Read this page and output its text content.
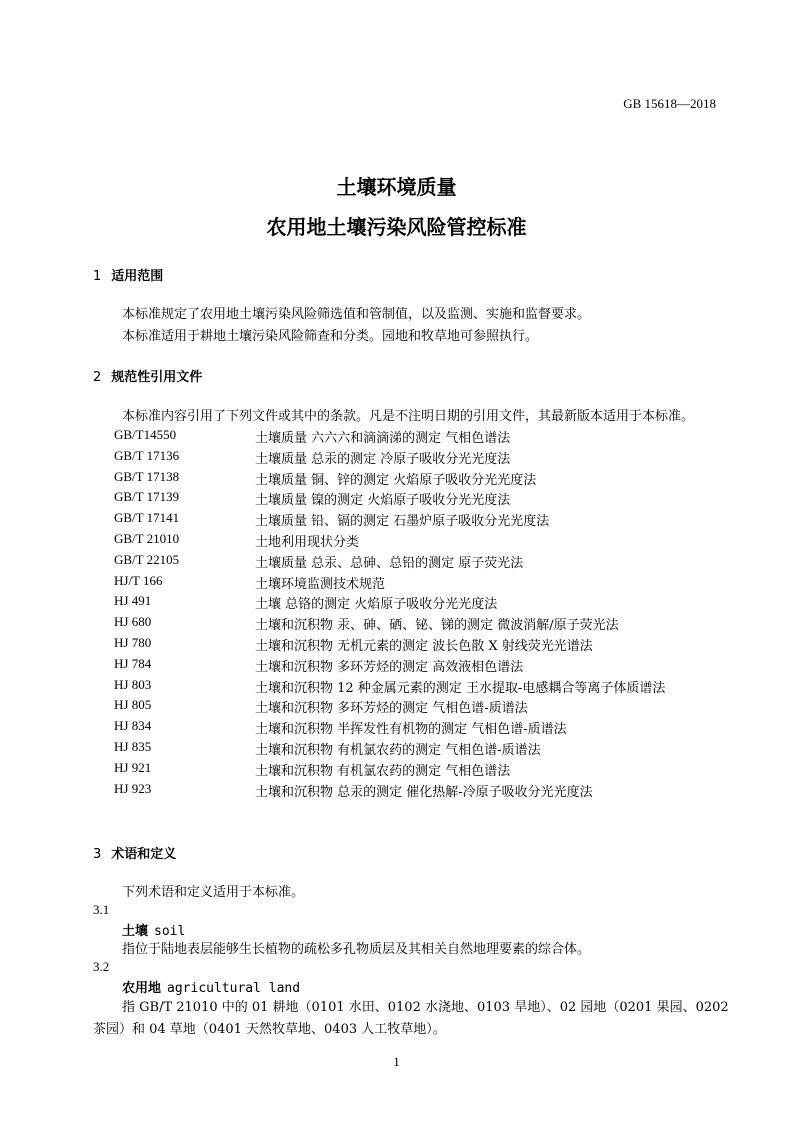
GB 15618—2018
土壤环境质量
农用地土壤污染风险管控标准
1 适用范围
本标准规定了农用地土壤污染风险筛选值和管制值，以及监测、实施和监督要求。
本标准适用于耕地土壤污染风险筛查和分类。园地和牧草地可参照执行。
2 规范性引用文件
本标准内容引用了下列文件或其中的条款。凡是不注明日期的引用文件，其最新版本适用于本标准。
GB/T14550	土壤质量 六六六和滴滴涕的测定 气相色谱法
GB/T 17136	土壤质量 总汞的测定 冷原子吸收分光光度法
GB/T 17138	土壤质量 铜、锌的测定 火焰原子吸收分光光度法
GB/T 17139	土壤质量 镍的测定 火焰原子吸收分光光度法
GB/T 17141	土壤质量 铅、镉的测定 石墨炉原子吸收分光光度法
GB/T 21010	土地利用现状分类
GB/T 22105	土壤质量 总汞、总砷、总铅的测定 原子荧光法
HJ/T 166	土壤环境监测技术规范
HJ 491	土壤 总铬的测定 火焰原子吸收分光光度法
HJ 680	土壤和沉积物 汞、砷、硒、铋、锑的测定 微波消解/原子荧光法
HJ 780	土壤和沉积物 无机元素的测定 波长色散 X 射线荧光光谱法
HJ 784	土壤和沉积物 多环芳烃的测定 高效液相色谱法
HJ 803	土壤和沉积物 12 种金属元素的测定 王水提取-电感耦合等离子体质谱法
HJ 805	土壤和沉积物 多环芳烃的测定 气相色谱-质谱法
HJ 834	土壤和沉积物 半挥发性有机物的测定 气相色谱-质谱法
HJ 835	土壤和沉积物 有机氯农药的测定 气相色谱-质谱法
HJ 921	土壤和沉积物 有机氯农药的测定 气相色谱法
HJ 923	土壤和沉积物 总汞的测定 催化热解-冷原子吸收分光光度法
3 术语和定义
下列术语和定义适用于本标准。
3.1
土壤 soil
指位于陆地表层能够生长植物的疏松多孔物质层及其相关自然地理要素的综合体。
3.2
农用地 agricultural land
指 GB/T 21010 中的 01 耕地（0101 水田、0102 水浇地、0103 旱地）、02 园地（0201 果园、0202
茶园）和 04 草地（0401 天然牧草地、0403 人工牧草地）。
1
